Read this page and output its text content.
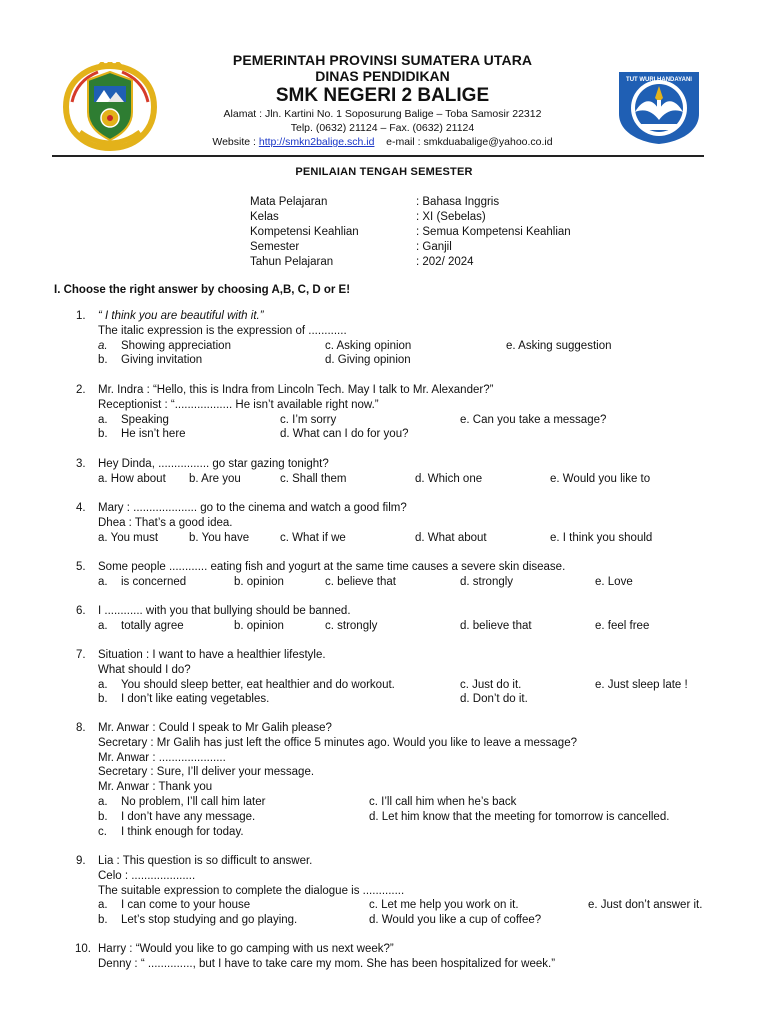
PEMERINTAH PROVINSI SUMATERA UTARA
DINAS PENDIDIKAN
SMK NEGERI 2 BALIGE
Alamat : Jln. Kartini No. 1 Soposurung Balige – Toba Samosir 22312
Telp. (0632) 21124 – Fax. (0632) 21124
Website : http://smkn2balige.sch.id e-mail : smkduabalige@yahoo.co.id
TUT WURI HANDAYANI
PENILAIAN TENGAH SEMESTER
Mata Pelajaran	: Bahasa Inggris
Kelas	: XI (Sebelas)
Kompetensi Keahlian	: Semua Kompetensi Keahlian
Semester	: Ganjil
Tahun Pelajaran	: 202/ 2024
I. Choose the right answer by choosing A,B, C, D or E!
1. “ I think you are beautiful with it.”
The italic expression is the expression of ............
a. Showing appreciation	c. Asking opinion	e. Asking suggestion
b. Giving invitation	d. Giving opinion
2. Mr. Indra : “Hello, this is Indra from Lincoln Tech. May I talk to Mr. Alexander?”
Receptionist : “.................. He isn’t available right now.”
a. Speaking	c. I’m sorry	e. Can you take a message?
b. He isn’t here	d. What can I do for you?
3. Hey Dinda, ................ go star gazing tonight?
a. How about b. Are you	c. Shall them	d. Which one	e. Would you like to
4. Mary : .................... go to the cinema and watch a good film?
Dhea : That’s a good idea.
a. You must	b. You have	c. What if we	d. What about	e. I think you should
5. Some people ............ eating fish and yogurt at the same time causes a severe skin disease.
a. is concerned	b. opinion	c. believe that	d. strongly	e. Love
6. I ............ with you that bullying should be banned.
a. totally agree	b. opinion	c. strongly	d. believe that	e. feel free
7. Situation : I want to have a healthier lifestyle.
What should I do?
a. You should sleep better, eat healthier and do workout.	c. Just do it.	e. Just sleep late !
b. I don’t like eating vegetables.	d. Don’t do it.
8. Mr. Anwar : Could I speak to Mr Galih please?
Secretary : Mr Galih has just left the office 5 minutes ago. Would you like to leave a message?
Mr. Anwar : .....................
Secretary : Sure, I’ll deliver your message.
Mr. Anwar : Thank you
a. No problem, I’ll call him later	c. I’ll call him when he’s back
b. I don’t have any message.	d. Let him know that the meeting for tomorrow is cancelled.
c. I think enough for today.
9. Lia : This question is so difficult to answer.
Celo : ....................
The suitable expression to complete the dialogue is .............
a. I can come to your house	c. Let me help you work on it.	e. Just don’t answer it.
b. Let’s stop studying and go playing.	d. Would you like a cup of coffee?
10. Harry : “Would you like to go camping with us next week?”
Denny : “ .............., but I have to take care my mom. She has been hospitalized for week.”
